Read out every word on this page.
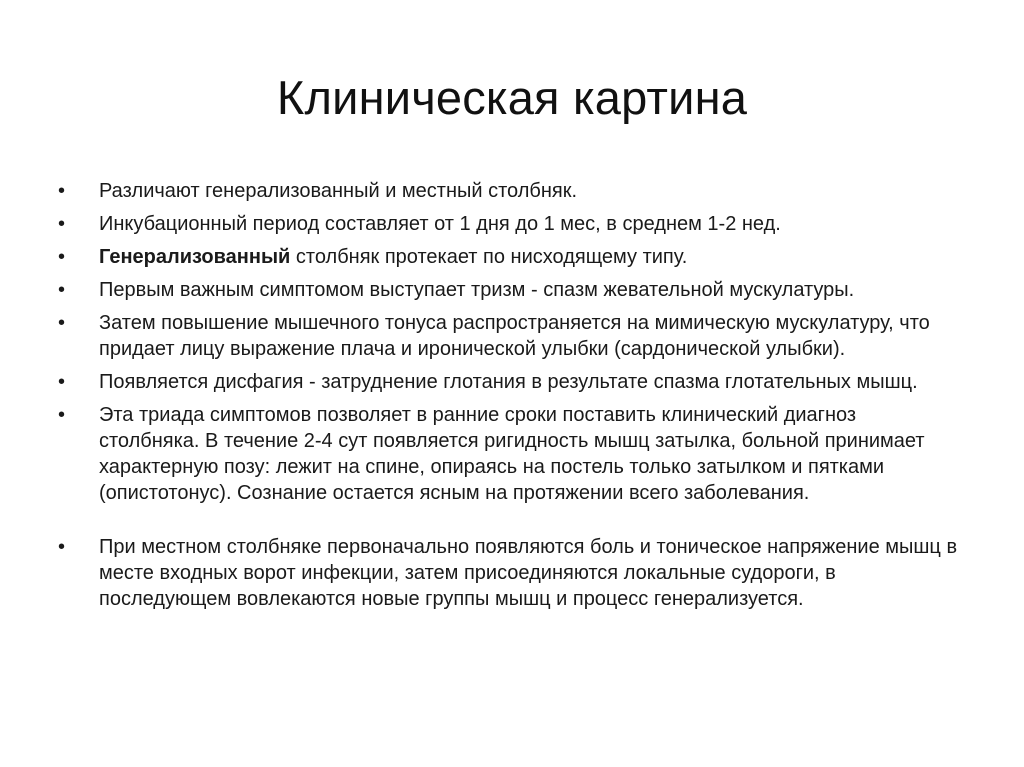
Клиническая картина
•	Различают генерализованный и местный столбняк.
•	Инкубационный период составляет от 1 дня до 1 мес, в среднем 1-2 нед.
•	Генерализованный столбняк протекает по нисходящему типу.
•	Первым важным симптомом выступает тризм - спазм жевательной мускулатуры.
•	Затем повышение мышечного тонуса распространяется на мимическую мускулатуру, что придает лицу выражение плача и иронической улыбки (сардонической улыбки).
•	Появляется дисфагия - затруднение глотания в результате спазма глотательных мышц.
•	Эта триада симптомов позволяет в ранние сроки поставить клинический диагноз столбняка. В течение 2-4 сут появляется ригидность мышц затылка, больной принимает характерную позу: лежит на спине, опираясь на постель только затылком и пятками (опистотонус). Сознание остается ясным на протяжении всего заболевания.
•	При местном столбняке первоначально появляются боль и тоническое напряжение мышц в месте входных ворот инфекции, затем присоединяются локальные судороги, в последующем вовлекаются новые группы мышц и процесс генерализуется.
